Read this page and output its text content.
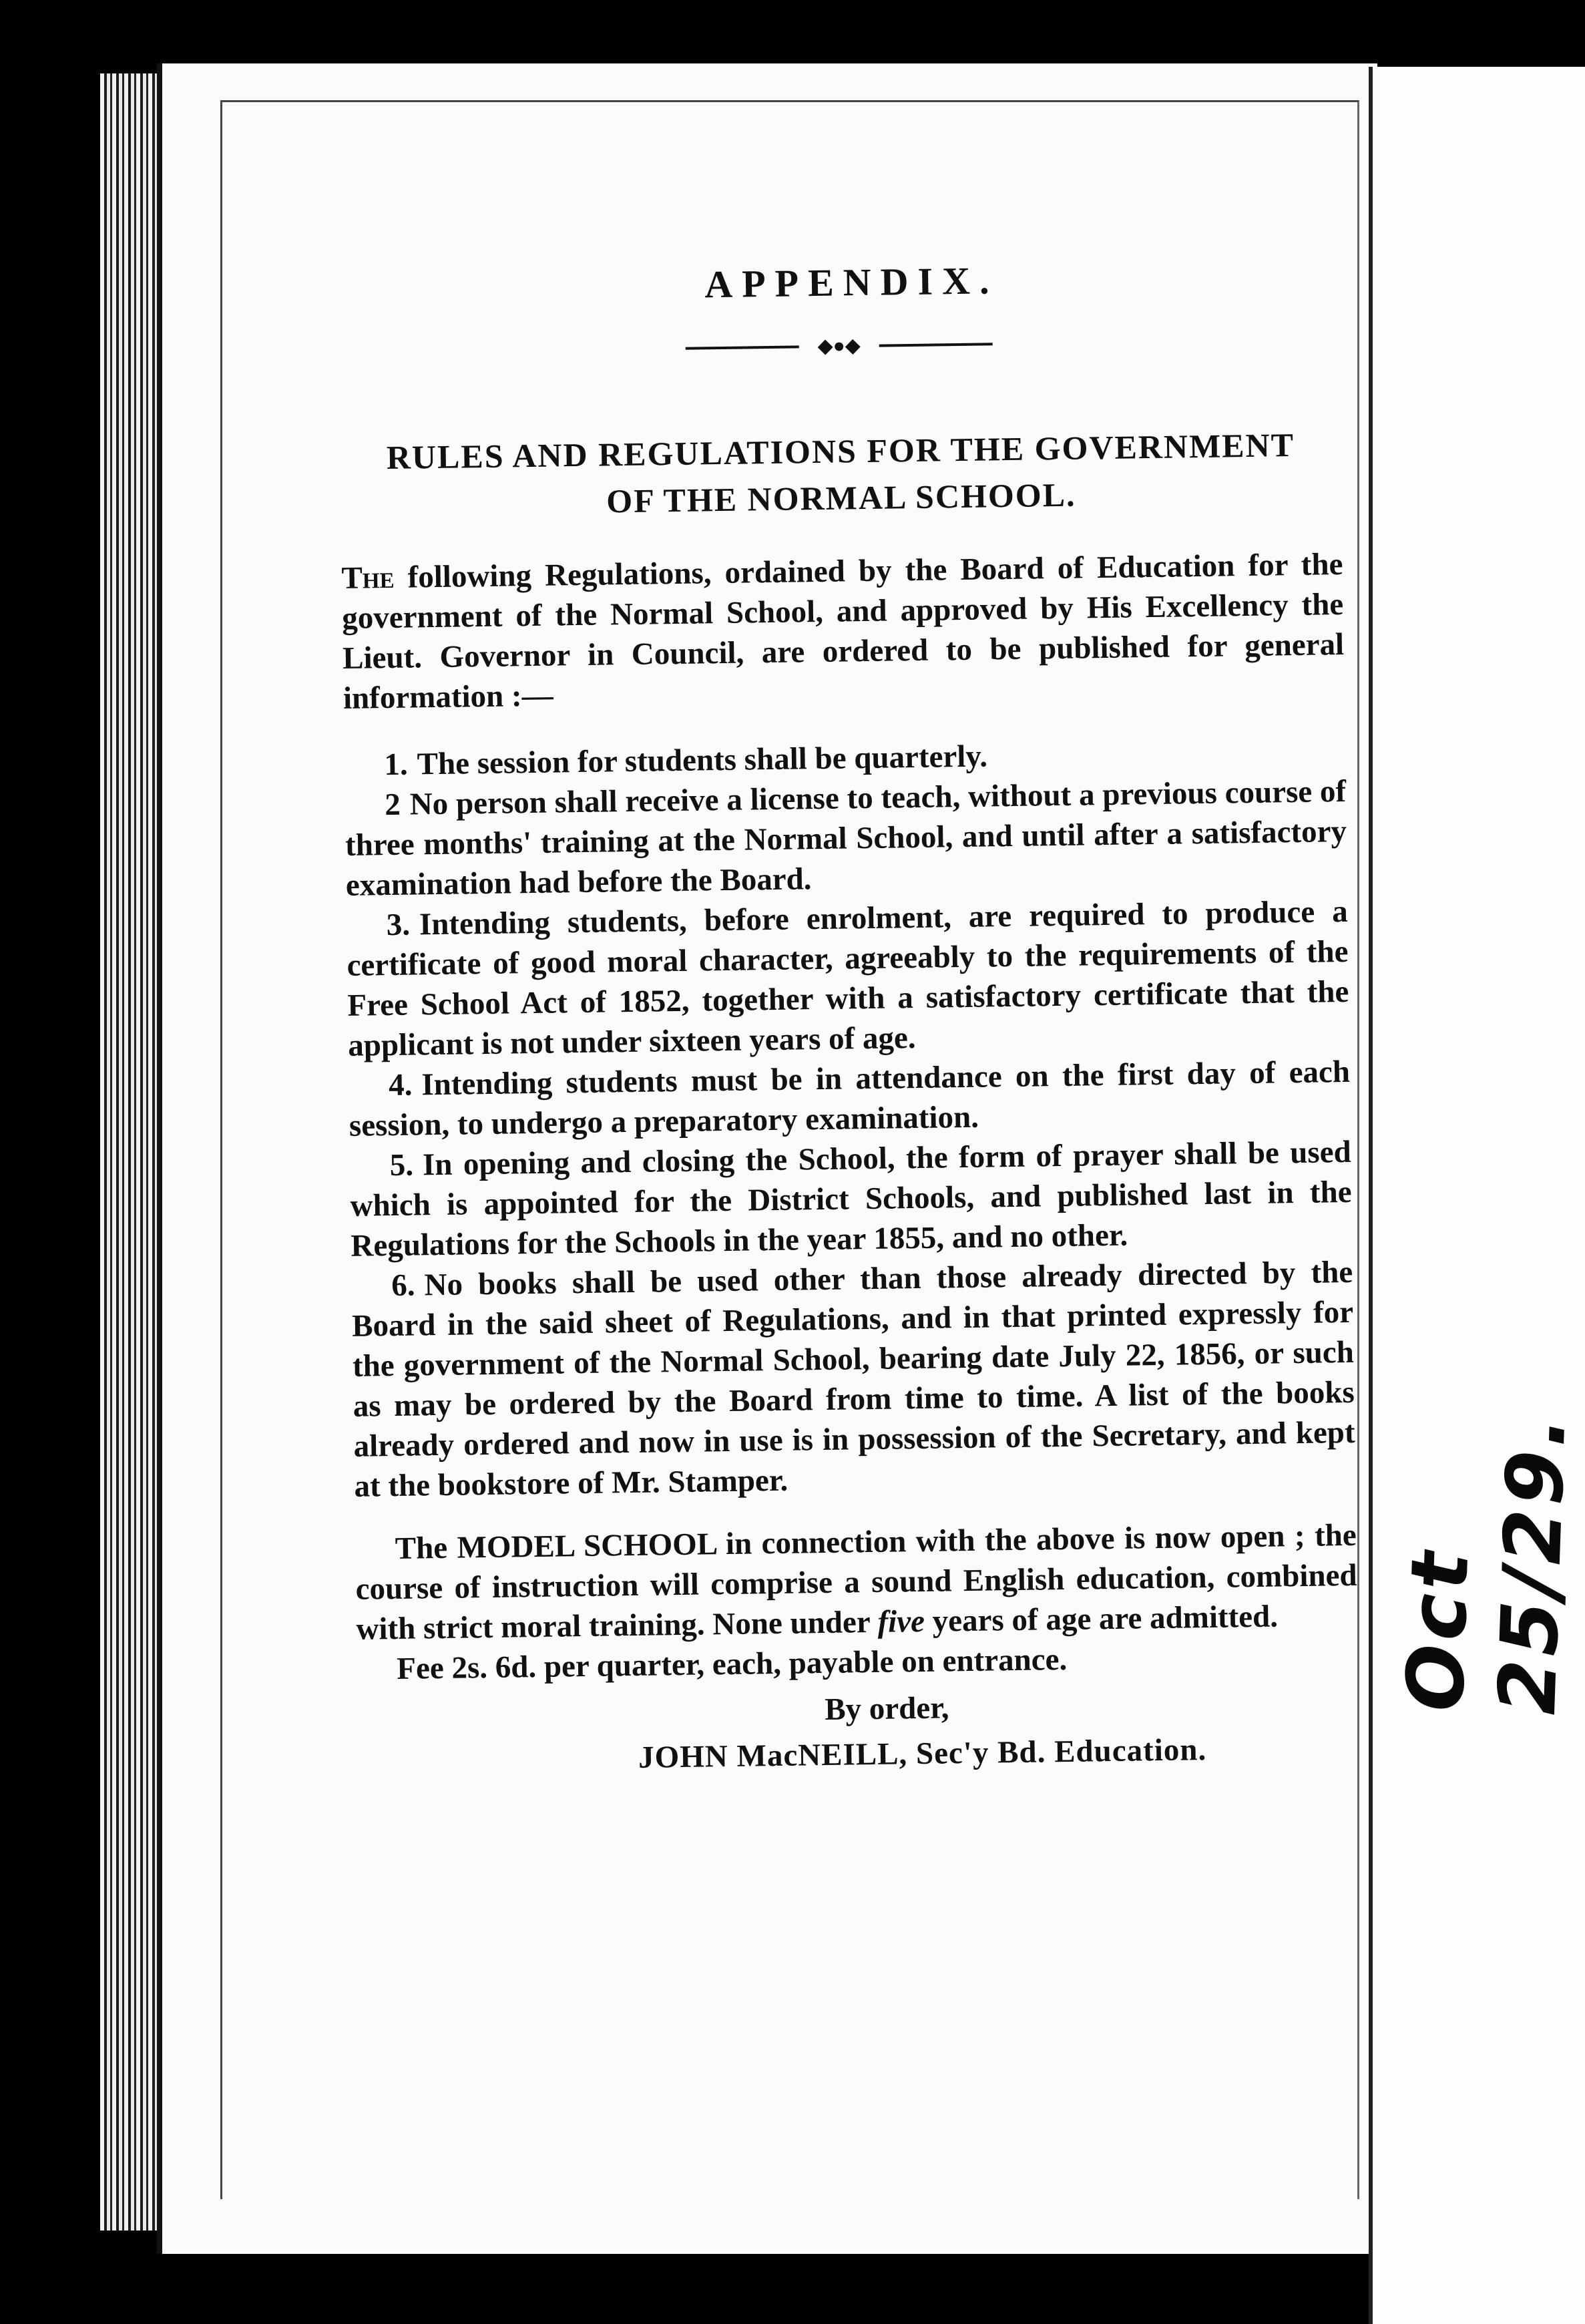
APPENDIX.
◆●◆
RULES AND REGULATIONS FOR THE GOVERNMENT
OF THE NORMAL SCHOOL.

The following Regulations, ordained by the Board of Education for the government of the Normal School, and approved by His Excellency the Lieut. Governor in Council, are ordered to be published for general information :—

1. The session for students shall be quarterly.
2 No person shall receive a license to teach, without a previous course of three months' training at the Normal School, and until after a satisfactory examination had before the Board.
3. Intending students, before enrolment, are required to produce a certificate of good moral character, agreeably to the requirements of the Free School Act of 1852, together with a satisfactory certificate that the applicant is not under sixteen years of age.
4. Intending students must be in attendance on the first day of each session, to undergo a preparatory examination.
5. In opening and closing the School, the form of prayer shall be used which is appointed for the District Schools, and published last in the Regulations for the Schools in the year 1855, and no other.
6. No books shall be used other than those already directed by the Board in the said sheet of Regulations, and in that printed expressly for the government of the Normal School, bearing date July 22, 1856, or such as may be ordered by the Board from time to time. A list of the books already ordered and now in use is in possession of the Secretary, and kept at the bookstore of Mr. Stamper.

The MODEL SCHOOL in connection with the above is now open ; the course of instruction will comprise a sound English education, combined with strict moral training. None under five years of age are admitted.

Fee 2s. 6d. per quarter, each, payable on entrance.

By order,

JOHN MacNEILL, Sec'y Bd. Education.

Oct 25/29.
